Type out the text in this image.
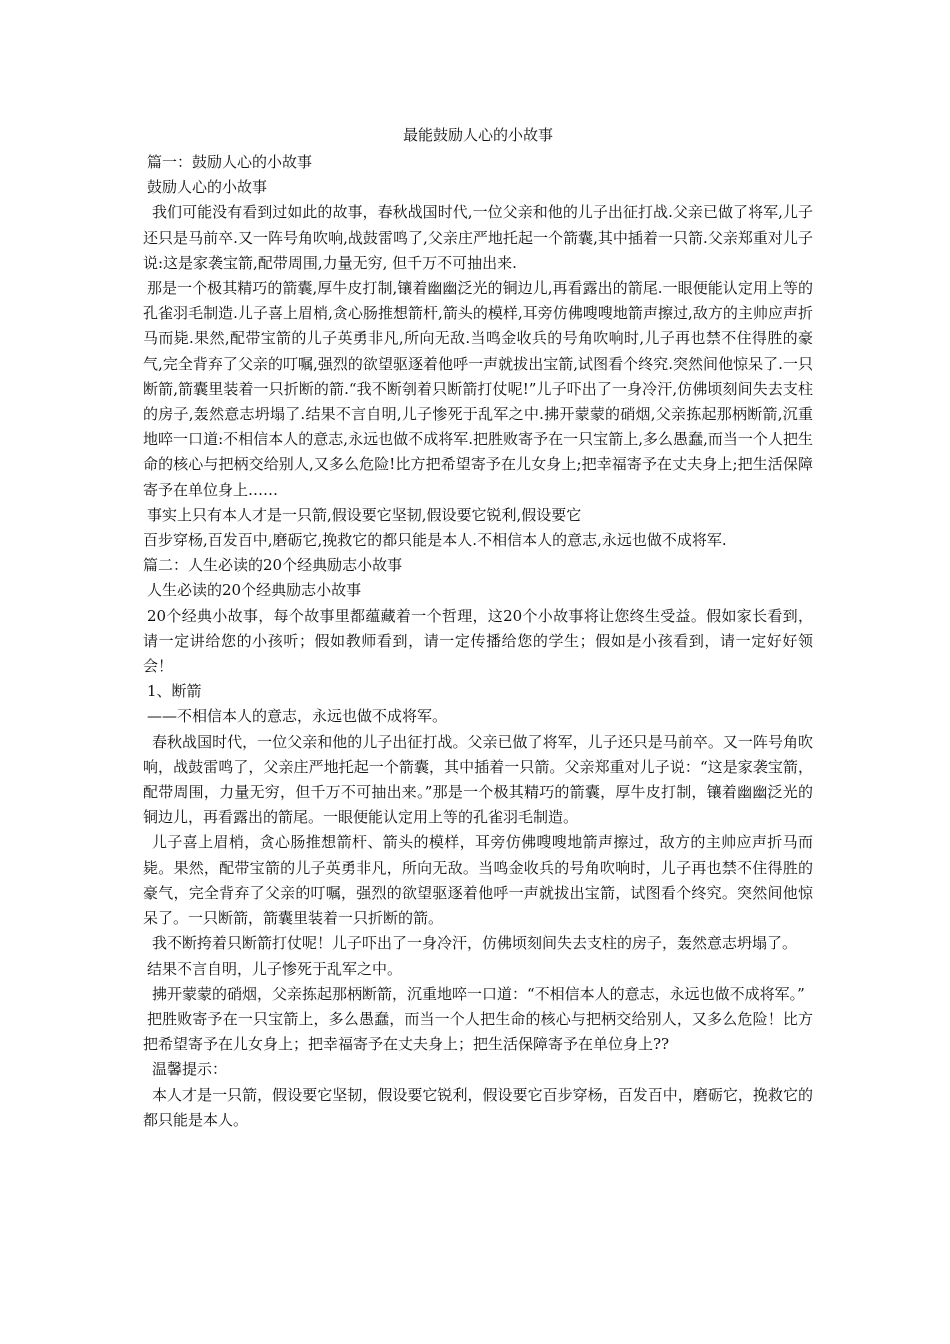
最能鼓励人心的小故事

篇一：鼓励人心的小故事

鼓励人心的小故事

我们可能没有看到过如此的故事，春秋战国时代,一位父亲和他的儿子出征打战.父亲已做了将军,儿子还只是马前卒.又一阵号角吹响,战鼓雷鸣了,父亲庄严地托起一个箭囊,其中插着一只箭.父亲郑重对儿子说:这是家袭宝箭,配带周围,力量无穷, 但千万不可抽出来.

那是一个极其精巧的箭囊,厚牛皮打制,镶着幽幽泛光的铜边儿,再看露出的箭尾.一眼便能认定用上等的孔雀羽毛制造.儿子喜上眉梢,贪心肠推想箭杆,箭头的模样,耳旁仿佛嗖嗖地箭声擦过,敌方的主帅应声折马而毙.果然,配带宝箭的儿子英勇非凡,所向无敌.当鸣金收兵的号角吹响时,儿子再也禁不住得胜的豪气,完全背弃了父亲的叮嘱,强烈的欲望驱逐着他呼一声就拔出宝箭,试图看个终究.突然间他惊呆了.一只断箭,箭囊里装着一只折断的箭.“我不断刳着只断箭打仗呢!”儿子吓出了一身冷汗,仿佛顷刻间失去支柱的房子,轰然意志坍塌了.结果不言自明,儿子惨死于乱军之中.拂开蒙蒙的硝烟,父亲拣起那柄断箭,沉重地啐一口道:不相信本人的意志,永远也做不成将军.把胜败寄予在一只宝箭上,多么愚蠢,而当一个人把生命的核心与把柄交给别人,又多么危险!比方把希望寄予在儿女身上;把幸福寄予在丈夫身上;把生活保障寄予在单位身上……

事实上只有本人才是一只箭,假设要它坚韧,假设要它锐利,假设要它

百步穿杨,百发百中,磨砺它,挽救它的都只能是本人.不相信本人的意志,永远也做不成将军.

篇二：人生必读的20个经典励志小故事

人生必读的20个经典励志小故事

20个经典小故事，每个故事里都蕴藏着一个哲理，这20个小故事将让您终生受益。假如家长看到，请一定讲给您的小孩听；假如教师看到，请一定传播给您的学生；假如是小孩看到，请一定好好领会！

1、断箭

——不相信本人的意志，永远也做不成将军。

春秋战国时代，一位父亲和他的儿子出征打战。父亲已做了将军，儿子还只是马前卒。又一阵号角吹响，战鼓雷鸣了，父亲庄严地托起一个箭囊，其中插着一只箭。父亲郑重对儿子说：“这是家袭宝箭，配带周围，力量无穷，但千万不可抽出来。”那是一个极其精巧的箭囊，厚牛皮打制，镶着幽幽泛光的铜边儿，再看露出的箭尾。一眼便能认定用上等的孔雀羽毛制造。

儿子喜上眉梢，贪心肠推想箭杆、箭头的模样，耳旁仿佛嗖嗖地箭声擦过，敌方的主帅应声折马而毙。果然，配带宝箭的儿子英勇非凡，所向无敌。当鸣金收兵的号角吹响时，儿子再也禁不住得胜的豪气，完全背弃了父亲的叮嘱，强烈的欲望驱逐着他呼一声就拔出宝箭，试图看个终究。突然间他惊呆了。一只断箭，箭囊里装着一只折断的箭。

我不断挎着只断箭打仗呢！儿子吓出了一身冷汗，仿佛顷刻间失去支柱的房子，轰然意志坍塌了。

结果不言自明，儿子惨死于乱军之中。

拂开蒙蒙的硝烟，父亲拣起那柄断箭，沉重地啐一口道：“不相信本人的意志，永远也做不成将军。”

把胜败寄予在一只宝箭上，多么愚蠢，而当一个人把生命的核心与把柄交给别人，又多么危险！比方把希望寄予在儿女身上；把幸福寄予在丈夫身上；把生活保障寄予在单位身上??

温馨提示：

本人才是一只箭，假设要它坚韧，假设要它锐利，假设要它百步穿杨，百发百中，磨砺它，挽救它的都只能是本人。
